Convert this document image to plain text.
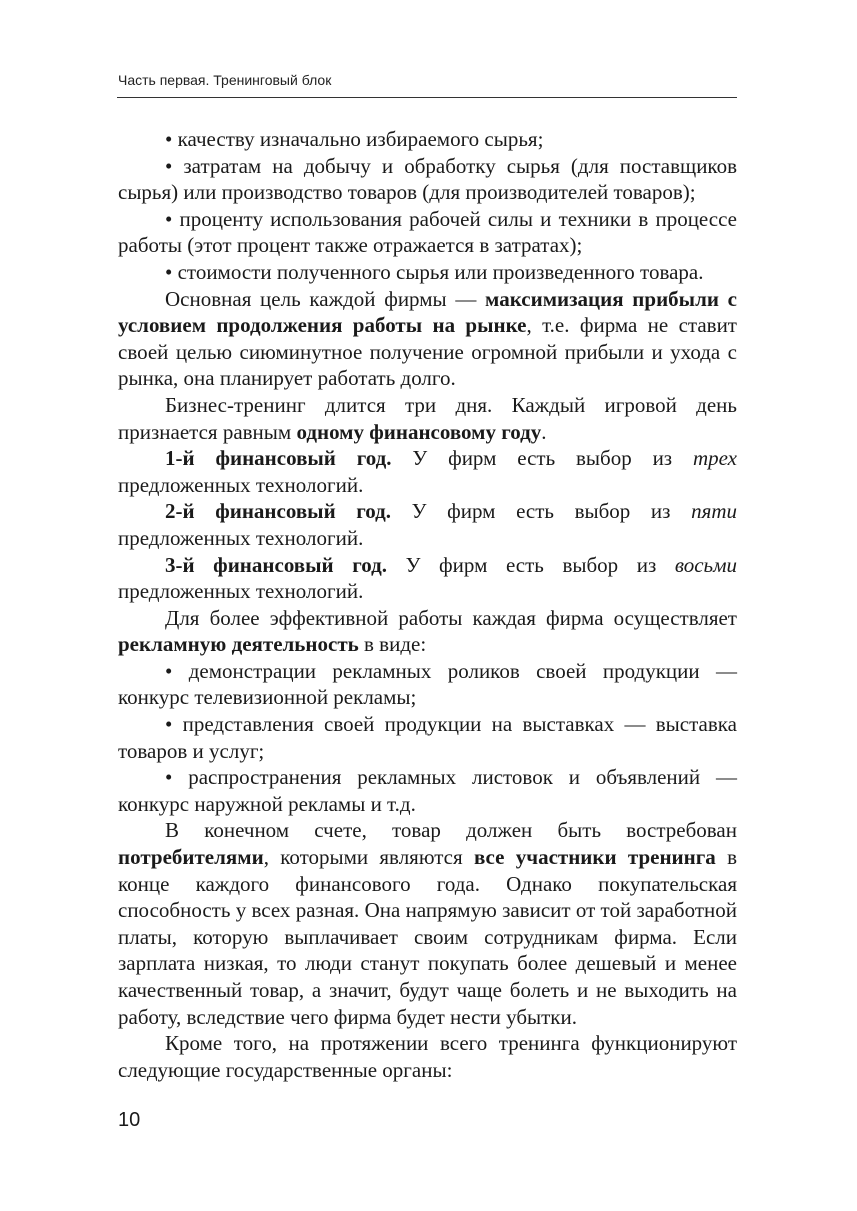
Часть первая. Тренинговый блок

• качеству изначально избираемого сырья;

• затратам на добычу и обработку сырья (для поставщиков сырья) или производство товаров (для производителей товаров);

• проценту использования рабочей силы и техники в процессе работы (этот процент также отражается в затратах);

• стоимости полученного сырья или произведенного товара.

Основная цель каждой фирмы — максимизация прибыли с условием продолжения работы на рынке, т.е. фирма не ставит своей целью сиюминутное получение огромной прибыли и ухода с рынка, она планирует работать долго.

Бизнес-тренинг длится три дня. Каждый игровой день признается равным одному финансовому году.

1-й финансовый год. У фирм есть выбор из трех предложенных технологий.

2-й финансовый год. У фирм есть выбор из пяти предложенных технологий.

3-й финансовый год. У фирм есть выбор из восьми предложенных технологий.

Для более эффективной работы каждая фирма осуществляет рекламную деятельность в виде:

• демонстрации рекламных роликов своей продукции — конкурс телевизионной рекламы;

• представления своей продукции на выставках — выставка товаров и услуг;

• распространения рекламных листовок и объявлений — конкурс наружной рекламы и т.д.

В конечном счете, товар должен быть востребован потребителями, которыми являются все участники тренинга в конце каждого финансового года. Однако покупательская способность у всех разная. Она напрямую зависит от той заработной платы, которую выплачивает своим сотрудникам фирма. Если зарплата низкая, то люди станут покупать более дешевый и менее качественный товар, а значит, будут чаще болеть и не выходить на работу, вследствие чего фирма будет нести убытки.

Кроме того, на протяжении всего тренинга функционируют следующие государственные органы:

10
